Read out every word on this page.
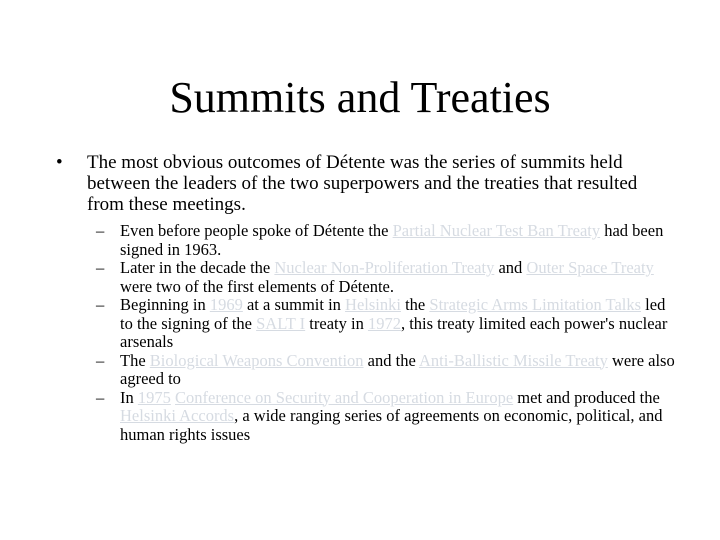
Summits and Treaties
• The most obvious outcomes of Détente was the series of summits held between the leaders of the two superpowers and the treaties that resulted from these meetings.
– Even before people spoke of Détente the Partial Nuclear Test Ban Treaty had been signed in 1963.
– Later in the decade the Nuclear Non-Proliferation Treaty and Outer Space Treaty were two of the first elements of Détente.
– Beginning in 1969 at a summit in Helsinki the Strategic Arms Limitation Talks led to the signing of the SALT I treaty in 1972, this treaty limited each power's nuclear arsenals
– The Biological Weapons Convention and the Anti-Ballistic Missile Treaty were also agreed to
– In 1975 Conference on Security and Cooperation in Europe met and produced the Helsinki Accords, a wide ranging series of agreements on economic, political, and human rights issues
